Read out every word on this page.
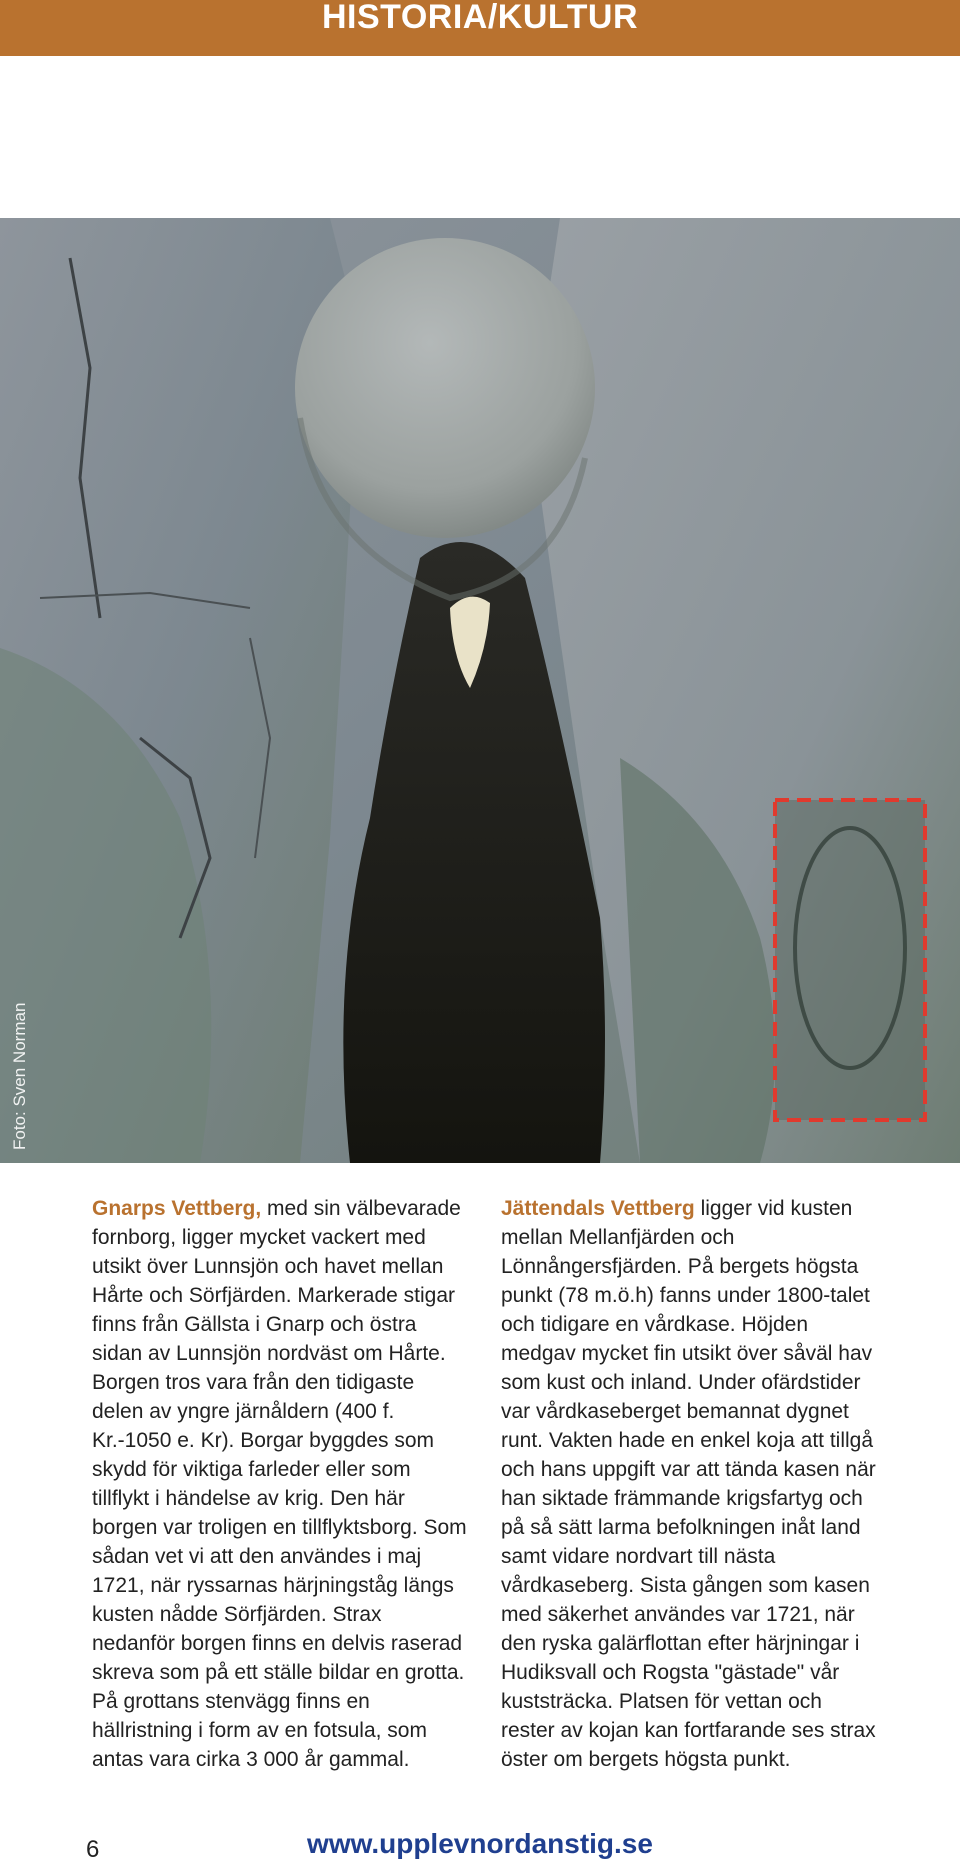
HISTORIA/KULTUR
Foto: Sven Norman
Gnarps Vettberg, med sin välbevarade fornborg, ligger mycket vackert med utsikt över Lunnsjön och havet mellan Hårte och Sörfjärden. Markerade stigar finns från Gällsta i Gnarp och östra sidan av Lunnsjön nordväst om Hårte. Borgen tros vara från den tidigaste delen av yngre järnåldern (400 f. Kr.-1050 e. Kr). Borgar byggdes som skydd för viktiga farleder eller som tillflykt i händelse av krig. Den här borgen var troligen en tillflyktsborg. Som sådan vet vi att den användes i maj 1721, när ryssarnas härjningståg längs kusten nådde Sörfjärden. Strax nedanför borgen finns en delvis raserad skreva som på ett ställe bildar en grotta. På grottans stenvägg finns en hällristning i form av en fotsula, som antas vara cirka 3 000 år gammal.
Jättendals Vettberg ligger vid kusten mellan Mellanfjärden och Lönnångersfjärden. På bergets högsta punkt (78 m.ö.h) fanns under 1800-talet och tidigare en vårdkase. Höjden medgav mycket fin utsikt över såväl hav som kust och inland. Under ofärdstider var vårdkaseberget bemannat dygnet runt. Vakten hade en enkel koja att tillgå och hans uppgift var att tända kasen när han siktade främmande krigsfartyg och på så sätt larma befolkningen inåt land samt vidare nordvart till nästa vårdkaseberg. Sista gången som kasen med säkerhet användes var 1721, när den ryska galärflottan efter härjningar i Hudiksvall och Rogsta "gästade" vår kuststräcka. Platsen för vettan och rester av kojan kan fortfarande ses strax öster om bergets högsta punkt.
6	www.upplevnordanstig.se
